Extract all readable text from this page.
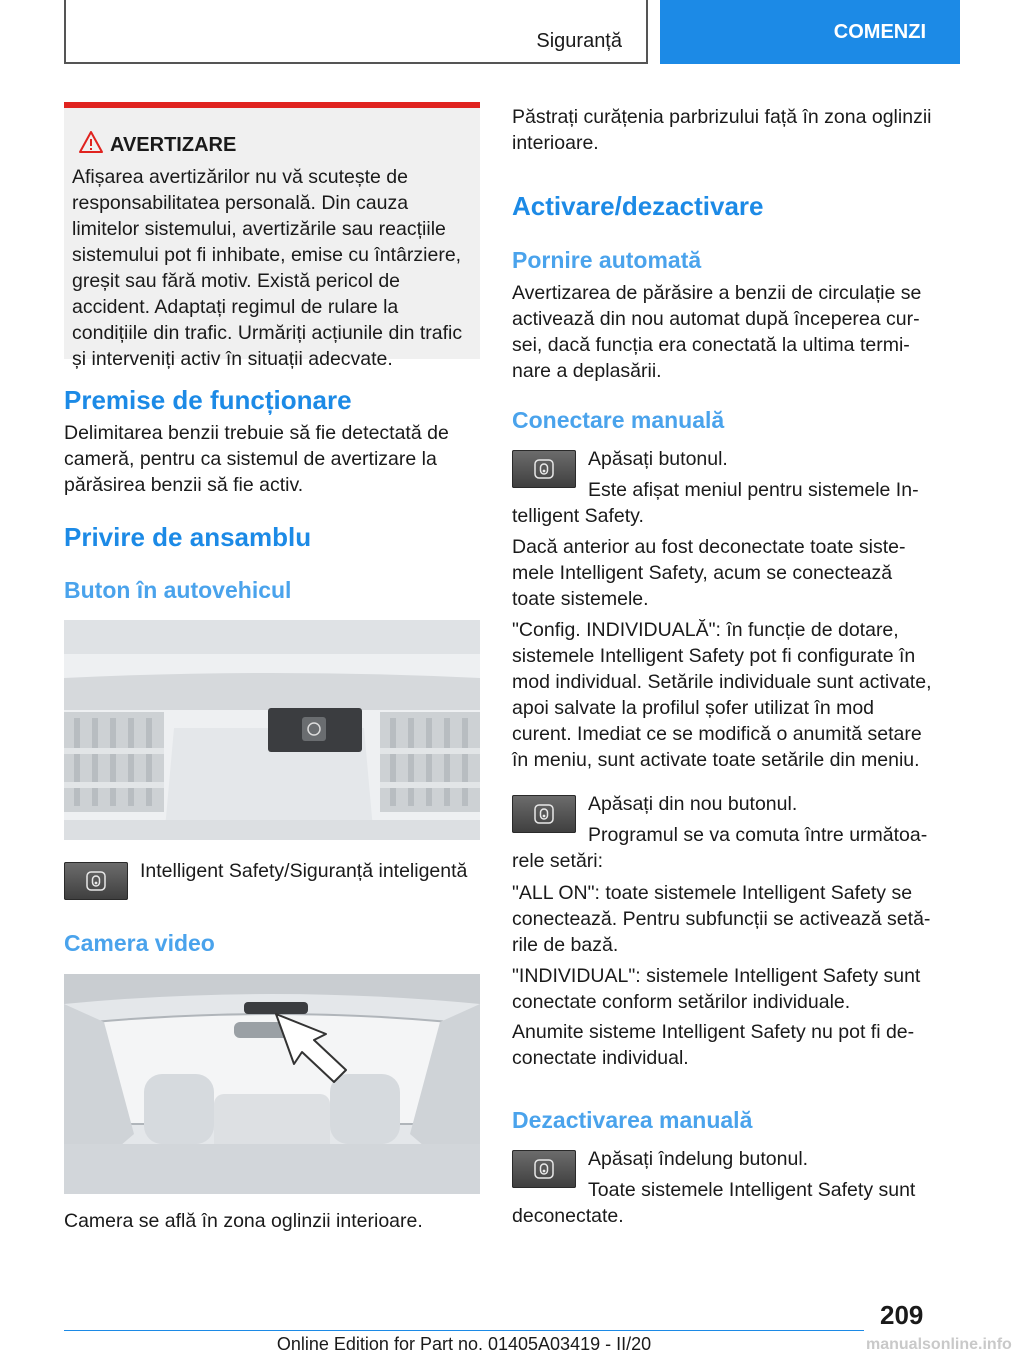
Siguranță	COMENZI
AVERTIZARE

Afișarea avertizărilor nu vă scutește de responsabilitatea personală. Din cauza limitelor sistemului, avertizările sau reacțiile sistemului pot fi inhibate, emise cu întârziere, greșit sau fără motiv. Există pericol de accident. Adaptați regimul de rulare la condițiile din trafic. Urmăriți acțiunile din trafic și interveniți activ în situații adecvate.

Premise de funcționare

Delimitarea benzii trebuie să fie detectată de cameră, pentru ca sistemul de avertizare la părăsirea benzii să fie activ.

Privire de ansamblu
Buton în autovehicul

Intelligent Safety/Siguranță inteligentă

Camera video

Camera se află în zona oglinzii interioare.

Păstrați curățenia parbrizului față în zona oglinzii interioare.

Activare/dezactivare
Pornire automată

Avertizarea de părăsire a benzii de circulație se activează din nou automat după începerea cursei, dacă funcția era conectată la ultima terminare a deplasării.

Conectare manuală

Apăsați butonul.

Este afișat meniul pentru sistemele Intelligent Safety.

Dacă anterior au fost deconectate toate sistemele Intelligent Safety, acum se conectează toate sistemele.

"Config. INDIVIDUALĂ": în funcție de dotare, sistemele Intelligent Safety pot fi configurate în mod individual. Setările individuale sunt activate, apoi salvate la profilul șofer utilizat în mod curent. Imediat ce se modifică o anumită setare în meniu, sunt activate toate setările din meniu.

Apăsați din nou butonul.

Programul se va comuta între următoarele setări:

"ALL ON": toate sistemele Intelligent Safety se conectează. Pentru subfuncții se activează setările de bază.

"INDIVIDUAL": sistemele Intelligent Safety sunt conectate conform setărilor individuale.

Anumite sisteme Intelligent Safety nu pot fi deconectate individual.

Dezactivarea manuală

Apăsați îndelung butonul.

Toate sistemele Intelligent Safety sunt deconectate.

209
Online Edition for Part no. 01405A03419 - II/20	manualsonline.info
